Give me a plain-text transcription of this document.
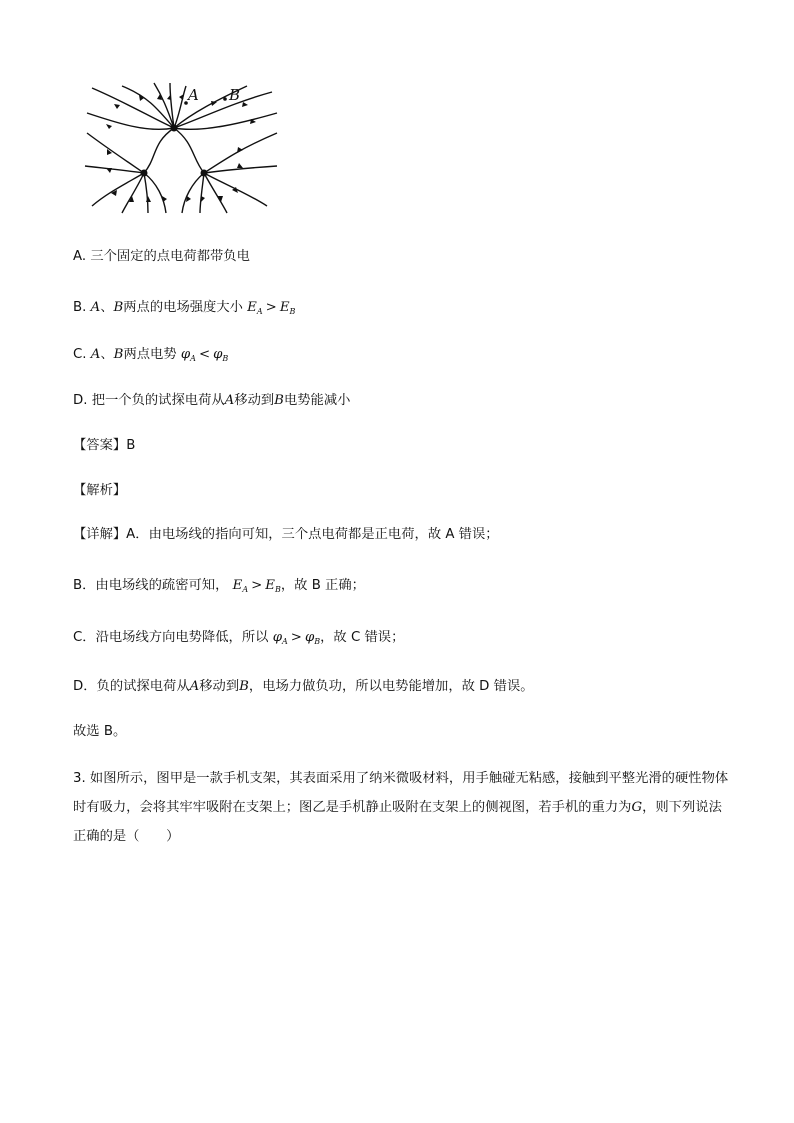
A B
A. 三个固定的点电荷都带负电
B. A、B两点的电场强度大小 $E_A > E_B$
C. A、B两点电势 $\varphi_A < \varphi_B$
D. 把一个负的试探电荷从A移动到B电势能减小
【答案】B
【解析】
【详解】A．由电场线的指向可知，三个点电荷都是正电荷，故 A 错误；
B．由电场线的疏密可知， $E_A > E_B$，故 B 正确；
C．沿电场线方向电势降低，所以 $\varphi_A > \varphi_B$，故 C 错误；
D．负的试探电荷从A移动到B，电场力做负功，所以电势能增加，故 D 错误。
故选 B。
3. 如图所示，图甲是一款手机支架，其表面采用了纳米微吸材料，用手触碰无粘感，接触到平整光滑的硬性物体时有吸力，会将其牢牢吸附在支架上；图乙是手机静止吸附在支架上的侧视图，若手机的重力为G，则下列说法正确的是（　　）
